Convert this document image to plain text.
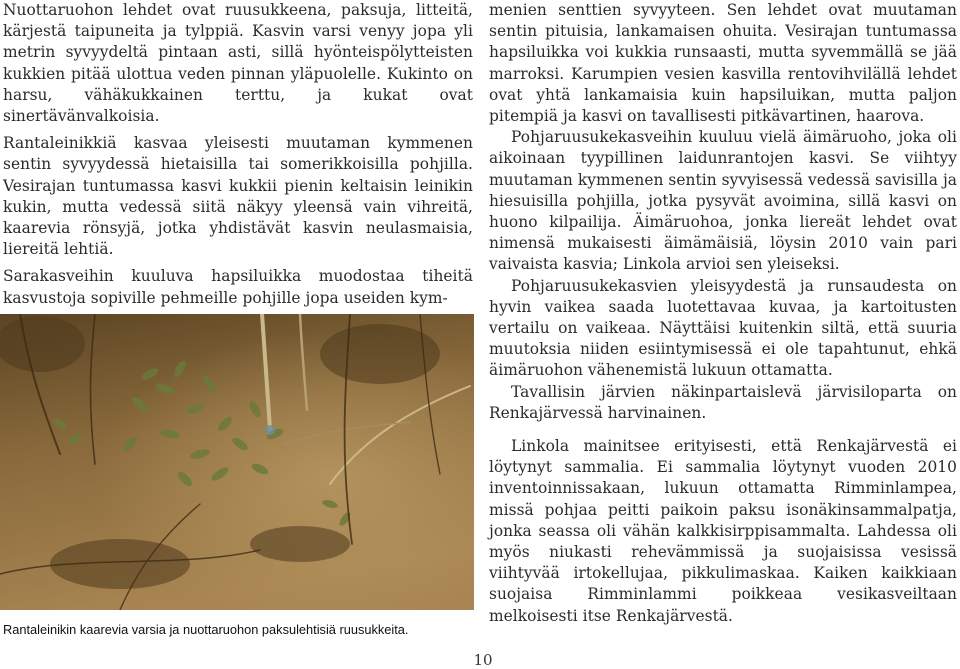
Nuottaruohon lehdet ovat ruusukkeena, paksuja, litteitä, kärjestä taipuneita ja tylppiä. Kasvin varsi venyy jopa yli metrin syvyydeltä pintaan asti, sillä hyönteispölytteisten kukkien pitää ulottua veden pinnan yläpuolelle. Kukinto on harsu, vähäkukkainen terttu, ja kukat ovat sinertävänvalkoisia.

Rantaleinikkiä kasvaa yleisesti muutaman kymmenen sentin syvyydessä hietaisilla tai somerikkoisilla pohjilla. Vesirajan tuntumassa kasvi kukkii pienin keltaisin leinikin kukin, mutta vedessä siitä näkyy yleensä vain vihreitä, kaarevia rönsyjä, jotka yhdistävät kasvin neulasmaisia, liereitä lehtiä.

Sarakasveihin kuuluva hapsiluikka muodostaa tiheitä kasvustoja sopiville pehmeille pohjille jopa useiden kym-

Rantaleinikin kaarevia varsia ja nuottaruohon paksulehtisiä ruusukkeita.

menien senttien syvyyteen. Sen lehdet ovat muutaman sentin pituisia, lankamaisen ohuita. Vesirajan tuntumassa hapsiluikka voi kukkia runsaasti, mutta syvemmällä se jää marroksi. Karumpien vesien kasvilla rentovihvilällä lehdet ovat yhtä lankamaisia kuin hapsiluikan, mutta paljon pitempiä ja kasvi on tavallisesti pitkävartinen, haarova.

Pohjaruusukekasveihin kuuluu vielä äimäruoho, joka oli aikoinaan tyypillinen laidunrantojen kasvi. Se viihtyy muutaman kymmenen sentin syvyisessä vedessä savisilla ja hiesuisilla pohjilla, jotka pysyvät avoimina, sillä kasvi on huono kilpailija. Äimäruohoa, jonka liereät lehdet ovat nimensä mukaisesti äimämäisiä, löysin 2010 vain pari vaivaista kasvia; Linkola arvioi sen yleiseksi.

Pohjaruusukekasvien yleisyydestä ja runsaudesta on hyvin vaikea saada luotettavaa kuvaa, ja kartoitusten vertailu on vaikeaa. Näyttäisi kuitenkin siltä, että suuria muutoksia niiden esiintymisessä ei ole tapahtunut, ehkä äimäruohon vähenemistä lukuun ottamatta.

Tavallisin järvien näkinpartaislevä järvisiloparta on Renkajärvessä harvinainen.

Linkola mainitsee erityisesti, että Renkajärvestä ei löytynyt sammalia. Ei sammalia löytynyt vuoden 2010 inventoinnissakaan, lukuun ottamatta Rimminlampea, missä pohjaa peitti paikoin paksu isonäkinsammalpatja, jonka seassa oli vähän kalkkisirppisammalta. Lahdessa oli myös niukasti rehevämmissä ja suojaisissa vesissä viihtyvää irtokellujaa, pikkulimaskaa. Kaiken kaikkiaan suojaisa Rimminlammi poikkeaa vesikasveiltaan melkoisesti itse Renkajärvestä.

10
